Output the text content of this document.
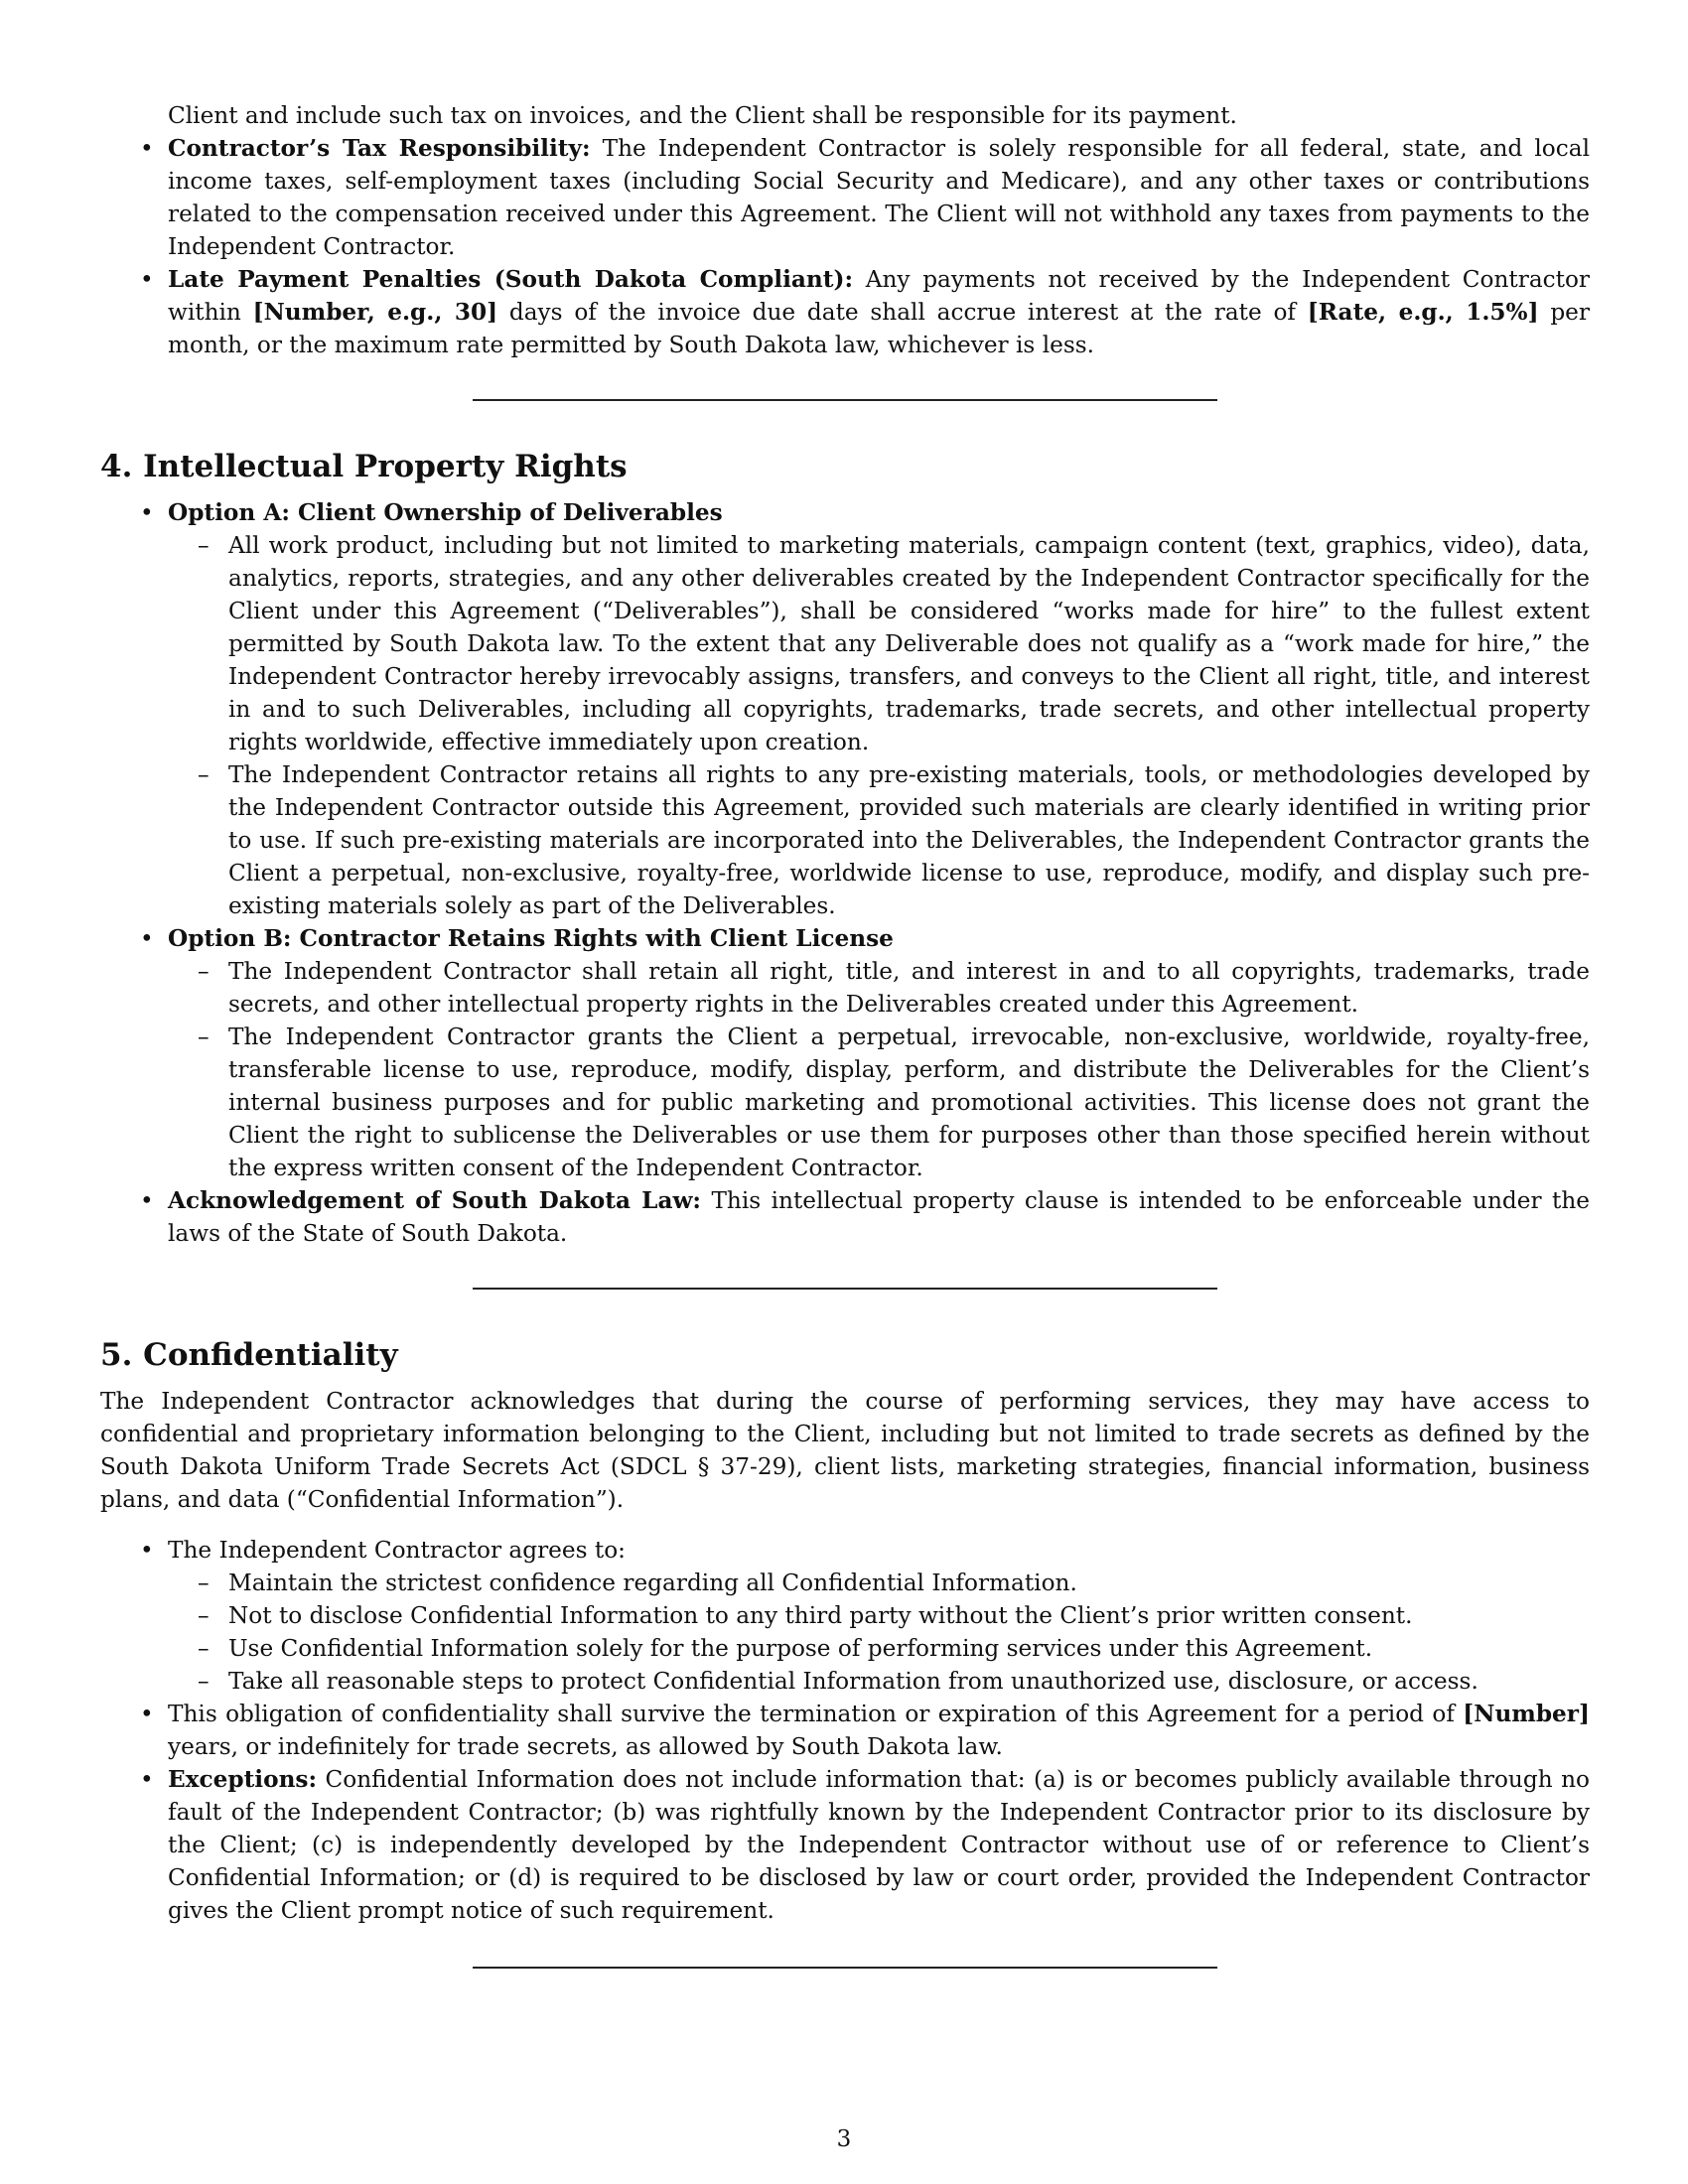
Client and include such tax on invoices, and the Client shall be responsible for its payment.
• Contractor’s Tax Responsibility: The Independent Contractor is solely responsible for all federal, state, and local income taxes, self-employment taxes (including Social Security and Medicare), and any other taxes or contributions related to the compensation received under this Agreement. The Client will not withhold any taxes from payments to the Independent Contractor.
• Late Payment Penalties (South Dakota Compliant): Any payments not received by the Independent Contractor within [Number, e.g., 30] days of the invoice due date shall accrue interest at the rate of [Rate, e.g., 1.5%] per month, or the maximum rate permitted by South Dakota law, whichever is less.
4. Intellectual Property Rights
• Option A: Client Ownership of Deliverables
– All work product, including but not limited to marketing materials, campaign content (text, graphics, video), data, analytics, reports, strategies, and any other deliverables created by the Independent Contractor specifically for the Client under this Agreement (“Deliverables”), shall be considered “works made for hire” to the fullest extent permitted by South Dakota law. To the extent that any Deliverable does not qualify as a “work made for hire,” the Independent Contractor hereby irrevocably assigns, transfers, and conveys to the Client all right, title, and interest in and to such Deliverables, including all copyrights, trademarks, trade secrets, and other intellectual property rights worldwide, effective immediately upon creation.
– The Independent Contractor retains all rights to any pre-existing materials, tools, or methodologies developed by the Independent Contractor outside this Agreement, provided such materials are clearly identified in writing prior to use. If such pre-existing materials are incorporated into the Deliverables, the Independent Contractor grants the Client a perpetual, non-exclusive, royalty-free, worldwide license to use, reproduce, modify, and display such pre-existing materials solely as part of the Deliverables.
• Option B: Contractor Retains Rights with Client License
– The Independent Contractor shall retain all right, title, and interest in and to all copyrights, trademarks, trade secrets, and other intellectual property rights in the Deliverables created under this Agreement.
– The Independent Contractor grants the Client a perpetual, irrevocable, non-exclusive, worldwide, royalty-free, transferable license to use, reproduce, modify, display, perform, and distribute the Deliverables for the Client’s internal business purposes and for public marketing and promotional activities. This license does not grant the Client the right to sublicense the Deliverables or use them for purposes other than those specified herein without the express written consent of the Independent Contractor.
• Acknowledgement of South Dakota Law: This intellectual property clause is intended to be enforceable under the laws of the State of South Dakota.
5. Confidentiality
The Independent Contractor acknowledges that during the course of performing services, they may have access to confidential and proprietary information belonging to the Client, including but not limited to trade secrets as defined by the South Dakota Uniform Trade Secrets Act (SDCL § 37-29), client lists, marketing strategies, financial information, business plans, and data (“Confidential Information”).
• The Independent Contractor agrees to:
– Maintain the strictest confidence regarding all Confidential Information.
– Not to disclose Confidential Information to any third party without the Client’s prior written consent.
– Use Confidential Information solely for the purpose of performing services under this Agreement.
– Take all reasonable steps to protect Confidential Information from unauthorized use, disclosure, or access.
• This obligation of confidentiality shall survive the termination or expiration of this Agreement for a period of [Number] years, or indefinitely for trade secrets, as allowed by South Dakota law.
• Exceptions: Confidential Information does not include information that: (a) is or becomes publicly available through no fault of the Independent Contractor; (b) was rightfully known by the Independent Contractor prior to its disclosure by the Client; (c) is independently developed by the Independent Contractor without use of or reference to Client’s Confidential Information; or (d) is required to be disclosed by law or court order, provided the Independent Contractor gives the Client prompt notice of such requirement.
3
